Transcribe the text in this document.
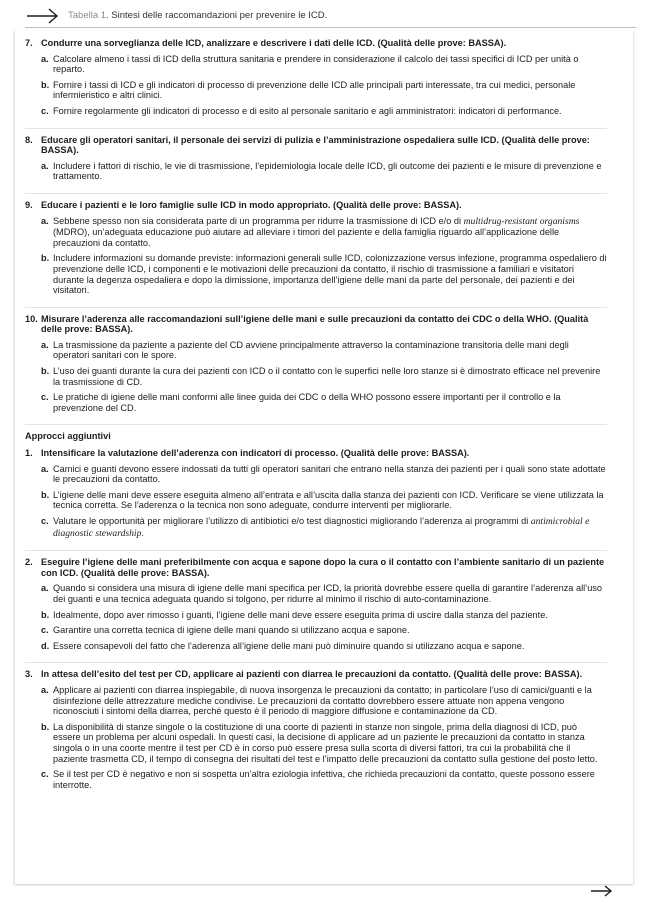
Tabella 1. Sintesi delle raccomandazioni per prevenire le ICD.
7. Condurre una sorveglianza delle ICD, analizzare e descrivere i dati delle ICD. (Qualità delle prove: BASSA).
a. Calcolare almeno i tassi di ICD della struttura sanitaria e prendere in considerazione il calcolo dei tassi specifici di ICD per unità o reparto.
b. Fornire i tassi di ICD e gli indicatori di processo di prevenzione delle ICD alle principali parti interessate, tra cui medici, personale infermieristico e altri clinici.
c. Fornire regolarmente gli indicatori di processo e di esito al personale sanitario e agli amministratori: indicatori di performance.
8. Educare gli operatori sanitari, il personale dei servizi di pulizia e l’amministrazione ospedaliera sulle ICD. (Qualità delle prove: BASSA).
a. Includere i fattori di rischio, le vie di trasmissione, l’epidemiologia locale delle ICD, gli outcome dei pazienti e le misure di prevenzione e trattamento.
9. Educare i pazienti e le loro famiglie sulle ICD in modo appropriato. (Qualità delle prove: BASSA).
a. Sebbene spesso non sia considerata parte di un programma per ridurre la trasmissione di ICD e/o di multidrug-resistant organisms (MDRO), un’adeguata educazione può aiutare ad alleviare i timori del paziente e della famiglia riguardo all’applicazione delle precauzioni da contatto.
b. Includere informazioni su domande previste: informazioni generali sulle ICD, colonizzazione versus infezione, programma ospedaliero di prevenzione delle ICD, i componenti e le motivazioni delle precauzioni da contatto, il rischio di trasmissione a familiari e visitatori durante la degenza ospedaliera e dopo la dimissione, importanza dell’igiene delle mani da parte del personale, dei pazienti e dei visitatori.
10. Misurare l’aderenza alle raccomandazioni sull’igiene delle mani e sulle precauzioni da contatto dei CDC o della WHO. (Qualità delle prove: BASSA).
a. La trasmissione da paziente a paziente del CD avviene principalmente attraverso la contaminazione transitoria delle mani degli operatori sanitari con le spore.
b. L’uso dei guanti durante la cura dei pazienti con ICD o il contatto con le superfici nelle loro stanze si è dimostrato efficace nel prevenire la trasmissione di CD.
c. Le pratiche di igiene delle mani conformi alle linee guida dei CDC o della WHO possono essere importanti per il controllo e la prevenzione del CD.
Approcci aggiuntivi
1. Intensificare la valutazione dell’aderenza con indicatori di processo. (Qualità delle prove: BASSA).
a. Camici e guanti devono essere indossati da tutti gli operatori sanitari che entrano nella stanza dei pazienti per i quali sono state adottate le precauzioni da contatto.
b. L’igiene delle mani deve essere eseguita almeno all’entrata e all’uscita dalla stanza dei pazienti con ICD. Verificare se viene utilizzata la tecnica corretta. Se l’aderenza o la tecnica non sono adeguate, condurre interventi per migliorarle.
c. Valutare le opportunità per migliorare l’utilizzo di antibiotici e/o test diagnostici migliorando l’aderenza ai programmi di antimicrobial e diagnostic stewardship.
2. Eseguire l’igiene delle mani preferibilmente con acqua e sapone dopo la cura o il contatto con l’ambiente sanitario di un paziente con ICD. (Qualità delle prove: BASSA).
a. Quando si considera una misura di igiene delle mani specifica per ICD, la priorità dovrebbe essere quella di garantire l’aderenza all’uso dei guanti e una tecnica adeguata quando si tolgono, per ridurre al minimo il rischio di auto-contaminazione.
b. Idealmente, dopo aver rimosso i guanti, l’igiene delle mani deve essere eseguita prima di uscire dalla stanza del paziente.
c. Garantire una corretta tecnica di igiene delle mani quando si utilizzano acqua e sapone.
d. Essere consapevoli del fatto che l’aderenza all’igiene delle mani può diminuire quando si utilizzano acqua e sapone.
3. In attesa dell’esito del test per CD, applicare ai pazienti con diarrea le precauzioni da contatto. (Qualità delle prove: BASSA).
a. Applicare ai pazienti con diarrea inspiegabile, di nuova insorgenza le precauzioni da contatto; in particolare l’uso di camici/guanti e la disinfezione delle attrezzature mediche condivise. Le precauzioni da contatto dovrebbero essere attuate non appena vengono riconosciuti i sintomi della diarrea, perché questo è il periodo di maggiore diffusione e contaminazione da CD.
b. La disponibilità di stanze singole o la costituzione di una coorte di pazienti in stanze non singole, prima della diagnosi di ICD, può essere un problema per alcuni ospedali. In questi casi, la decisione di applicare ad un paziente le precauzioni da contatto in stanza singola o in una coorte mentre il test per CD è in corso può essere presa sulla scorta di diversi fattori, tra cui la probabilità che il paziente trasmetta CD, il tempo di consegna dei risultati del test e l’impatto delle precauzioni da contatto sulla gestione del posto letto.
c. Se il test per CD è negativo e non si sospetta un’altra eziologia infettiva, che richieda precauzioni da contatto, queste possono essere interrotte.
